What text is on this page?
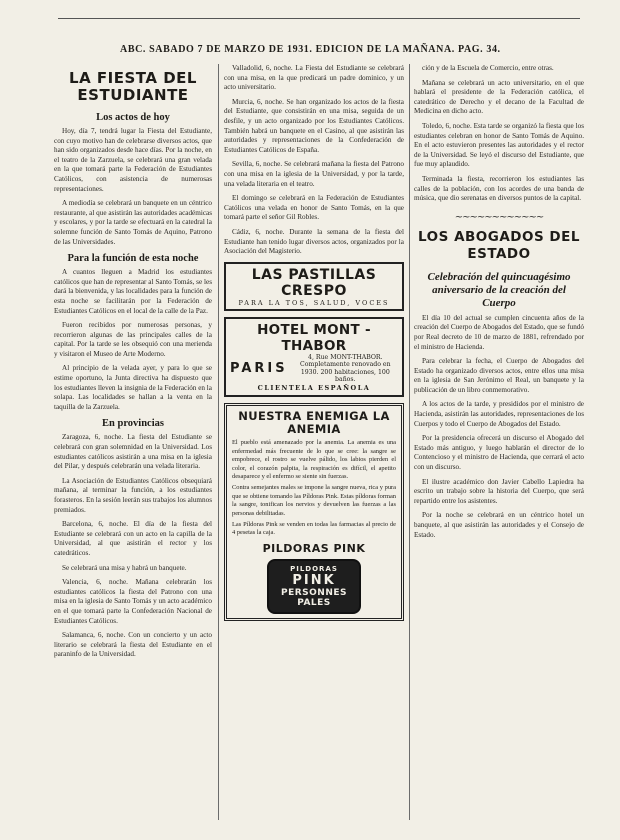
ABC. SABADO 7 DE MARZO DE 1931. EDICION DE LA MAÑANA. PAG. 34.
LA FIESTA DEL ESTUDIANTE
Los actos de hoy

Hoy, día 7, tendrá lugar la Fiesta del Estudiante, con cuyo motivo han de celebrarse diversos actos, que han sido organizados desde hace días. Por la noche, en el teatro de la Zarzuela, se celebrará una gran velada en la que tomará parte la Federación de Estudiantes Católicos, con asistencia de numerosas representaciones.

A mediodía se celebrará un banquete en un céntrico restaurante, al que asistirán las autoridades académicas y escolares, y por la tarde se efectuará en la catedral la solemne función de Santo Tomás de Aquino, Patrono de las Universidades.

Para la función de esta noche

A cuantos lleguen a Madrid los estudiantes católicos que han de representar al Santo Tomás, se les dará la bienvenida, y las localidades para la función de esta noche se facilitarán por la Federación de Estudiantes Católicos en el local de la calle de la Paz.

Fueron recibidos por numerosas personas, y recorrieron algunas de las principales calles de la capital. Por la tarde se les obsequió con una merienda y visitaron el Museo de Arte Moderno.

Al principio de la velada ayer, y para lo que se estime oportuno, la Junta directiva ha dispuesto que los estudiantes lleven la insignia de la Federación en la solapa. Las localidades se hallan a la venta en la taquilla de la Zarzuela.

En provincias

Zaragoza, 6, noche. La fiesta del Estudiante se celebrará con gran solemnidad en la Universidad. Los estudiantes católicos asistirán a una misa en la iglesia del Pilar, y después celebrarán una velada literaria.

La Asociación de Estudiantes Católicos obsequiará mañana, al terminar la función, a los estudiantes forasteros. En la sesión leerán sus trabajos los alumnos premiados.

Barcelona, 6, noche. El día de la fiesta del Estudiante se celebrará con un acto en la capilla de la Universidad, al que asistirán el rector y los catedráticos.

Se celebrará una misa y habrá un banquete.

Valencia, 6, noche. Mañana celebrarán los estudiantes católicos la fiesta del Patrono con una misa en la iglesia de Santo Tomás y un acto académico en el que tomará parte la Confederación Nacional de Estudiantes Católicos.

Salamanca, 6, noche. Con un concierto y un acto literario se celebrará la fiesta del Estudiante en el paraninfo de la Universidad.

Valladolid, 6, noche. La Fiesta del Estudiante se celebrará con una misa, en la que predicará un padre dominico, y un acto universitario.

Murcia, 6, noche. Se han organizado los actos de la fiesta del Estudiante, que consistirán en una misa, seguida de un desfile, y un acto organizado por los Estudiantes Católicos. También habrá un banquete en el Casino, al que asistirán las autoridades y representaciones de la Confederación de Estudiantes Católicos de España.

Sevilla, 6, noche. Se celebrará mañana la fiesta del Patrono con una misa en la iglesia de la Universidad, y por la tarde, una velada literaria en el teatro.

El domingo se celebrará en la Federación de Estudiantes Católicos una velada en honor de Santo Tomás, en la que tomará parte el señor Gil Robles.

Cádiz, 6, noche. Durante la semana de la fiesta del Estudiante han tenido lugar diversos actos, organizados por la Asociación del Magisterio.

LAS PASTILLAS CRESPO
PARA LA TOS, SALUD, VOCES
HOTEL MONT - THABOR
PARIS
4, Rue MONT-THABOR. Completamente renovado en 1930. 200 habitaciones, 100 baños.
CLIENTELA ESPAÑOLA
NUESTRA ENEMIGA LA ANEMIA

El pueblo está amenazado por la anemia. La anemia es una enfermedad más frecuente de lo que se cree: la sangre se empobrece, el rostro se vuelve pálido, los labios pierden el color, el corazón palpita, la respiración es difícil, el apetito desaparece y el enfermo se siente sin fuerzas.

Contra semejantes males se impone la sangre nueva, rica y pura que se obtiene tomando las Píldoras Pink. Estas píldoras forman la sangre, tonifican los nervios y devuelven las fuerzas a las personas debilitadas.

Las Píldoras Pink se venden en todas las farmacias al precio de 4 pesetas la caja.

PILDORAS PINK
PILDORAS
PINK
PERSONNES PALES

ción y de la Escuela de Comercio, entre otras.

Mañana se celebrará un acto universitario, en el que hablará el presidente de la Federación católica, el catedrático de Derecho y el decano de la Facultad de Medicina en dicho acto.

Toledo, 6, noche. Esta tarde se organizó la fiesta que los estudiantes celebran en honor de Santo Tomás de Aquino. En el acto estuvieron presentes las autoridades y el rector de la Universidad. Se leyó el discurso del Estudiante, que fue muy aplaudido.

Terminada la fiesta, recorrieron los estudiantes las calles de la población, con los acordes de una banda de música, que dio serenatas en diversos puntos de la capital.

~~~~~~~~~~~~
LOS ABOGADOS DEL ESTADO
Celebración del quincuagésimo aniversario de la creación del Cuerpo

El día 10 del actual se cumplen cincuenta años de la creación del Cuerpo de Abogados del Estado, que se fundó por Real decreto de 10 de marzo de 1881, refrendado por el ministro de Hacienda.

Para celebrar la fecha, el Cuerpo de Abogados del Estado ha organizado diversos actos, entre ellos una misa en la iglesia de San Jerónimo el Real, un banquete y la publicación de un libro conmemorativo.

A los actos de la tarde, y presididos por el ministro de Hacienda, asistirán las autoridades, representaciones de los Cuerpos y todo el Cuerpo de Abogados del Estado.

Por la presidencia ofrecerá un discurso el Abogado del Estado más antiguo, y luego hablarán el director de lo Contencioso y el ministro de Hacienda, que cerrará el acto con un discurso.

El ilustre académico don Javier Cabello Lapiedra ha escrito un trabajo sobre la historia del Cuerpo, que será repartido entre los asistentes.

Por la noche se celebrará en un céntrico hotel un banquete, al que asistirán las autoridades y el Consejo de Estado.
